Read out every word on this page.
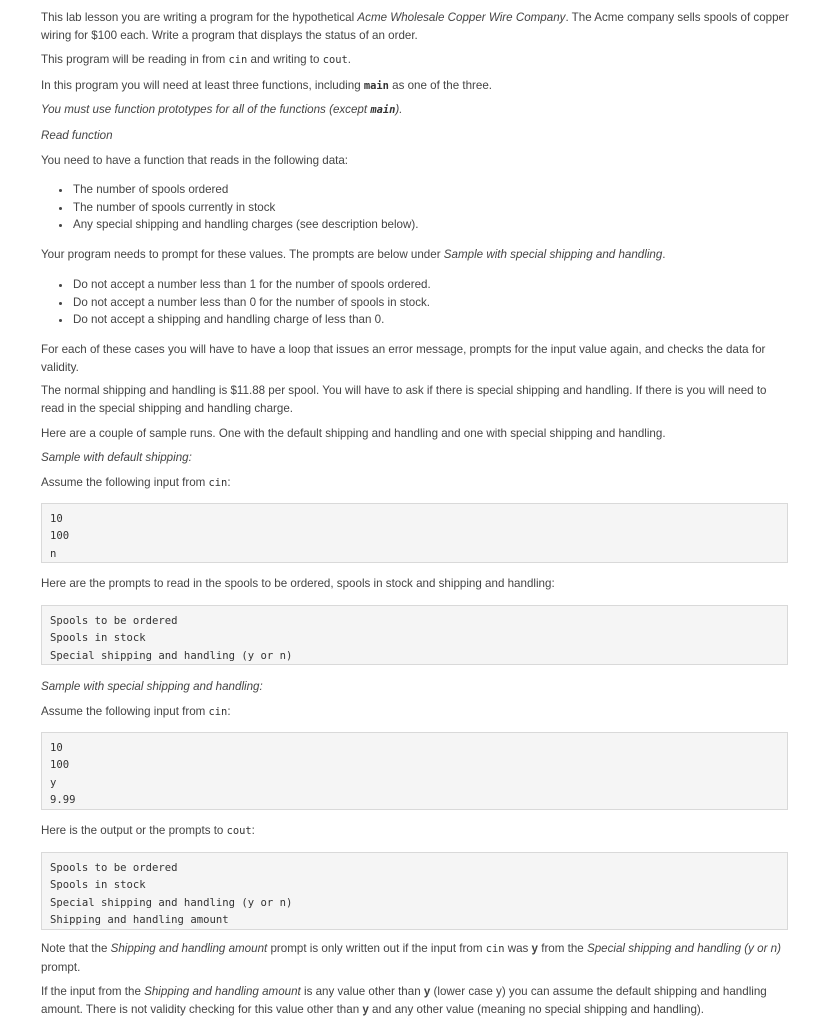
This lab lesson you are writing a program for the hypothetical Acme Wholesale Copper Wire Company. The Acme company sells spools of copper wiring for $100 each. Write a program that displays the status of an order.

This program will be reading in from cin and writing to cout.

In this program you will need at least three functions, including main as one of the three.

You must use function prototypes for all of the functions (except main).

Read function

You need to have a function that reads in the following data:

• The number of spools ordered
• The number of spools currently in stock
• Any special shipping and handling charges (see description below).

Your program needs to prompt for these values. The prompts are below under Sample with special shipping and handling.

• Do not accept a number less than 1 for the number of spools ordered.
• Do not accept a number less than 0 for the number of spools in stock.
• Do not accept a shipping and handling charge of less than 0.

For each of these cases you will have to have a loop that issues an error message, prompts for the input value again, and checks the data for validity.

The normal shipping and handling is $11.88 per spool. You will have to ask if there is special shipping and handling. If there is you will need to read in the special shipping and handling charge.

Here are a couple of sample runs. One with the default shipping and handling and one with special shipping and handling.

Sample with default shipping:

Assume the following input from cin:

10
100
n

Here are the prompts to read in the spools to be ordered, spools in stock and shipping and handling:

Spools to be ordered
Spools in stock
Special shipping and handling (y or n)

Sample with special shipping and handling:

Assume the following input from cin:

10
100
y
9.99

Here is the output or the prompts to cout:

Spools to be ordered
Spools in stock
Special shipping and handling (y or n)
Shipping and handling amount

Note that the Shipping and handling amount prompt is only written out if the input from cin was y from the Special shipping and handling (y or n) prompt.

If the input from the Shipping and handling amount is any value other than y (lower case y) you can assume the default shipping and handling amount. There is not validity checking for this value other than y and any other value (meaning no special shipping and handling).
